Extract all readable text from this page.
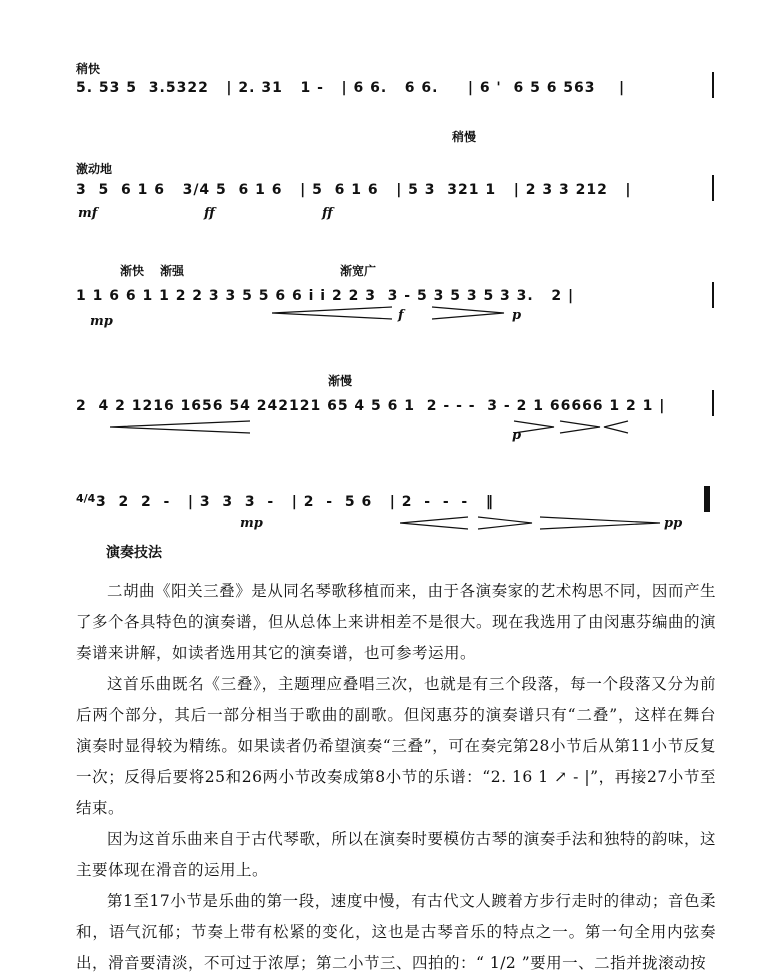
稍快
5. 53 5  3.5322   | 2. 31   1 -   | 6 6.   6 6.     | 6 '  6 5 6 563    |
稍慢
激动地
3  5  6 1 6   3/4 5  6 1 6   | 5  6 1 6   | 5 3  321 1   | 2 3 3 212   |
mf	ff	ff
渐快 渐强	渐宽广
1 1 6 6 1 1 2 2 3 3 5 5 6 6 i i 2 2 3  3 - 5 3 5 3 5 3 3.   2 |
mp	f	p
渐慢
2  4 2 1216 1656 54 242121 65 4 5 6 1  2 - - -  3 - 2 1 66666 1 2 1 |
p
4/4 3  2  2  -   | 3  3  3  -   | 2  -  5 6   | 2  -  -  -   ‖
mp	pp
演奏技法

二胡曲《阳关三叠》是从同名琴歌移植而来，由于各演奏家的艺术构思不同，因而产生了多个各具特色的演奏谱，但从总体上来讲相差不是很大。现在我选用了由闵惠芬编曲的演奏谱来讲解，如读者选用其它的演奏谱，也可参考运用。

这首乐曲既名《三叠》，主题理应叠唱三次，也就是有三个段落，每一个段落又分为前后两个部分，其后一部分相当于歌曲的副歌。但闵惠芬的演奏谱只有“二叠”，这样在舞台演奏时显得较为精练。如果读者仍希望演奏“三叠”，可在奏完第28小节后从第11小节反复一次；反得后要将25和26两小节改奏成第8小节的乐谱：“2. 16 1 ↗ - |”，再接27小节至结束。

因为这首乐曲来自于古代琴歌，所以在演奏时要模仿古琴的演奏手法和独特的韵味，这主要体现在滑音的运用上。

第1至17小节是乐曲的第一段，速度中慢，有古代文人踱着方步行走时的律动；音色柔和，语气沉郁；节奏上带有松紧的变化，这也是古琴音乐的特点之一。第一句全用内弦奏出，滑音要清淡，不可过于浓厚；第二小节三、四拍的：“ 1/2 ”要用一、二指并拢滚动按
